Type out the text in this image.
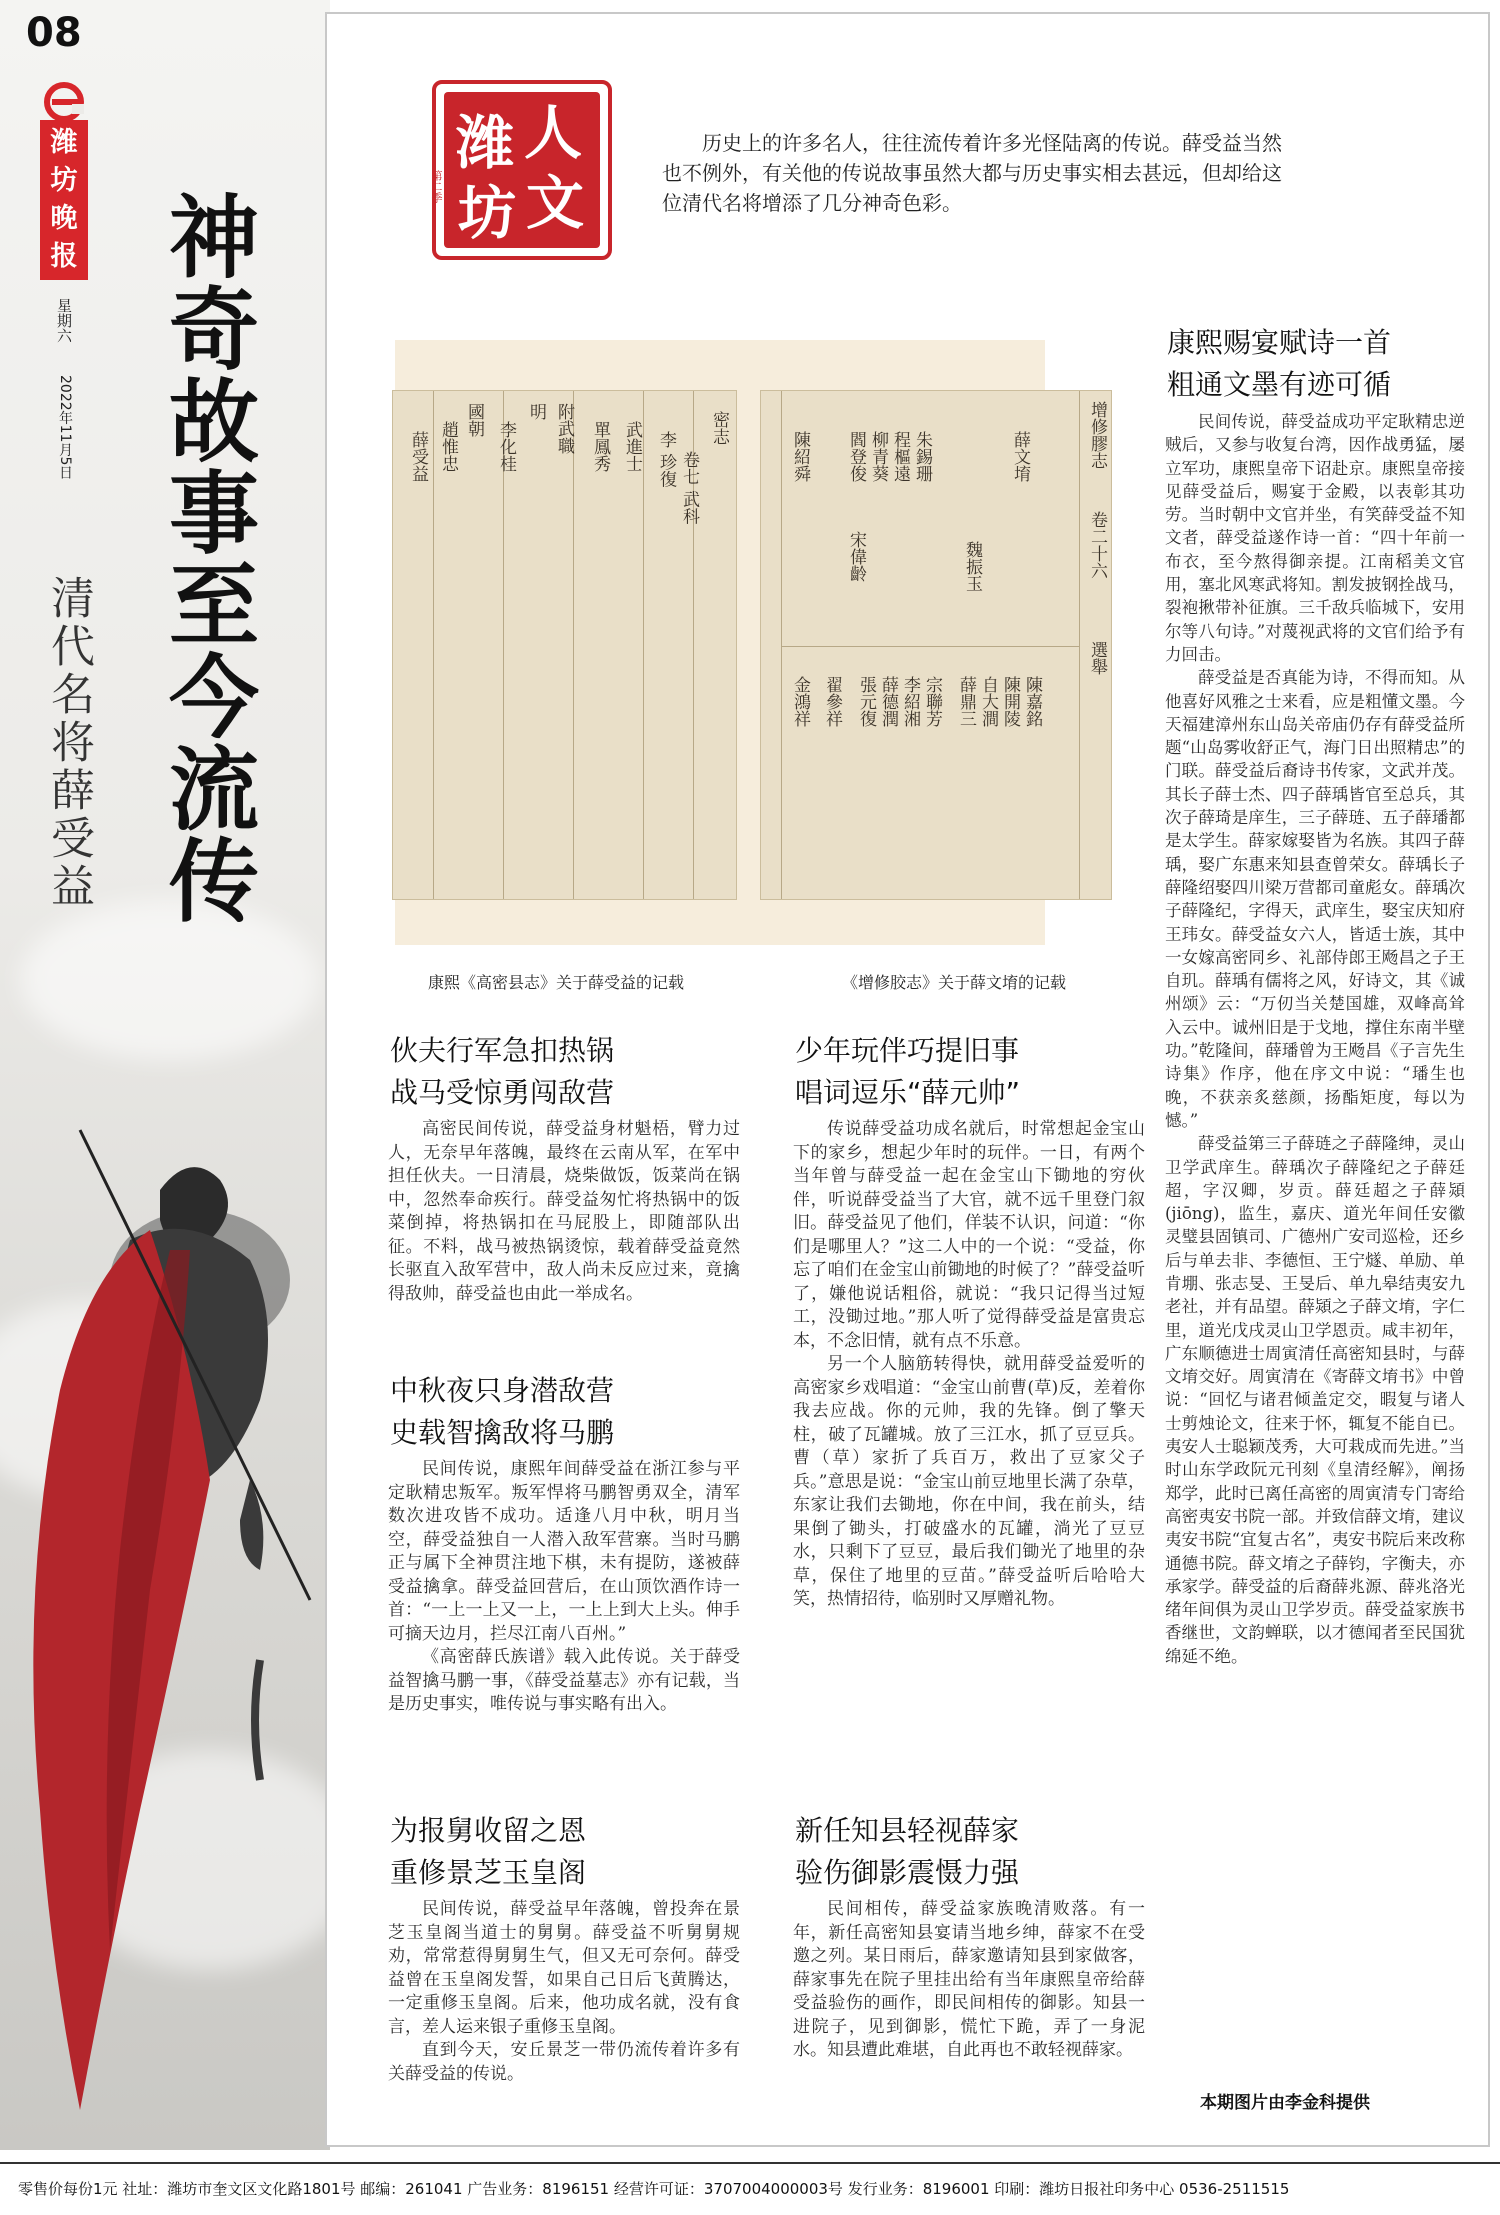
08
潍坊晚报
星期六
2022年11月5日 神奇故事至今流传
清代名将薛受益
人
潍
文
坊
第二季
历史上的许多名人，往往流传着许多光怪陆离的传说。薛受益当然也不例外，有关他的传说故事虽然大都与历史事实相去甚远，但却给这位清代名将增添了几分神奇色彩。
密志
卷七 武科
李 珍復
武進士
單鳳秀
附武職
明
李化桂
國朝
趙惟忠
薛受益	增修膠志
卷二十六
選舉
薛文堉
魏振玉
朱錫珊
程樞遠
柳青葵
閻登俊
宋偉齡
陳紹舜
陳嘉銘
陳開陵
自大澗
薛鼎三
宗聯芳
李紹湘
薛德潤
張元復
翟參祥
金鴻祥
康熙《高密县志》关于薛受益的记载	《增修胶志》关于薛文堉的记载
伙夫行军急扣热锅
战马受惊勇闯敌营

高密民间传说，薛受益身材魁梧，臂力过人，无奈早年落魄，最终在云南从军，在军中担任伙夫。一日清晨，烧柴做饭，饭菜尚在锅中，忽然奉命疾行。薛受益匆忙将热锅中的饭菜倒掉，将热锅扣在马屁股上，即随部队出征。不料，战马被热锅烫惊，载着薛受益竟然长驱直入敌军营中，敌人尚未反应过来，竟擒得敌帅，薛受益也由此一举成名。

中秋夜只身潜敌营
史载智擒敌将马鹏

民间传说，康熙年间薛受益在浙江参与平定耿精忠叛军。叛军悍将马鹏智勇双全，清军数次进攻皆不成功。适逢八月中秋，明月当空，薛受益独自一人潜入敌军营寨。当时马鹏正与属下全神贯注地下棋，未有提防，遂被薛受益擒拿。薛受益回营后，在山顶饮酒作诗一首：“一上一上又一上，一上上到大上头。伸手可摘天边月，拦尽江南八百州。”

《高密薛氏族谱》载入此传说。关于薛受益智擒马鹏一事，《薛受益墓志》亦有记载，当是历史事实，唯传说与事实略有出入。

为报舅收留之恩
重修景芝玉皇阁

民间传说，薛受益早年落魄，曾投奔在景芝玉皇阁当道士的舅舅。薛受益不听舅舅规劝，常常惹得舅舅生气，但又无可奈何。薛受益曾在玉皇阁发誓，如果自己日后飞黄腾达，一定重修玉皇阁。后来，他功成名就，没有食言，差人运来银子重修玉皇阁。

直到今天，安丘景芝一带仍流传着许多有关薛受益的传说。

少年玩伴巧提旧事
唱词逗乐“薛元帅”

传说薛受益功成名就后，时常想起金宝山下的家乡，想起少年时的玩伴。一日，有两个当年曾与薛受益一起在金宝山下锄地的穷伙伴，听说薛受益当了大官，就不远千里登门叙旧。薛受益见了他们，佯装不认识，问道：“你们是哪里人？”这二人中的一个说：“受益，你忘了咱们在金宝山前锄地的时候了？”薛受益听了，嫌他说话粗俗，就说：“我只记得当过短工，没锄过地。”那人听了觉得薛受益是富贵忘本，不念旧情，就有点不乐意。

另一个人脑筋转得快，就用薛受益爱听的高密家乡戏唱道：“金宝山前曹(草)反，差着你我去应战。你的元帅，我的先锋。倒了擎天柱，破了瓦罐城。放了三江水，抓了豆豆兵。曹（草）家折了兵百万，救出了豆家父子兵。”意思是说：“金宝山前豆地里长满了杂草，东家让我们去锄地，你在中间，我在前头，结果倒了锄头，打破盛水的瓦罐，淌光了豆豆水，只剩下了豆豆，最后我们锄光了地里的杂草，保住了地里的豆苗。”薛受益听后哈哈大笑，热情招待，临别时又厚赠礼物。

新任知县轻视薛家
验伤御影震慑力强

民间相传，薛受益家族晚清败落。有一年，新任高密知县宴请当地乡绅，薛家不在受邀之列。某日雨后，薛家邀请知县到家做客，薛家事先在院子里挂出给有当年康熙皇帝给薛受益验伤的画作，即民间相传的御影。知县一进院子，见到御影，慌忙下跪，弄了一身泥水。知县遭此难堪，自此再也不敢轻视薛家。

康熙赐宴赋诗一首
粗通文墨有迹可循

民间传说，薛受益成功平定耿精忠逆贼后，又参与收复台湾，因作战勇猛，屡立军功，康熙皇帝下诏赴京。康熙皇帝接见薛受益后，赐宴于金殿，以表彰其功劳。当时朝中文官并坐，有笑薛受益不知文者，薛受益遂作诗一首：“四十年前一布衣，至今熬得御亲提。江南稻美文官用，塞北风寒武将知。割发披钢拴战马，裂袍揪带补征旗。三千敌兵临城下，安用尔等八句诗。”对蔑视武将的文官们给予有力回击。

薛受益是否真能为诗，不得而知。从他喜好风雅之士来看，应是粗懂文墨。今天福建漳州东山岛关帝庙仍存有薛受益所题“山岛雾收舒正气，海门日出照精忠”的门联。薛受益后裔诗书传家，文武并茂。其长子薛士杰、四子薛瑀皆官至总兵，其次子薛琦是庠生，三子薛琏、五子薛璠都是太学生。薛家嫁娶皆为名族。其四子薛瑀，娶广东惠来知县查曾荣女。薛瑀长子薛隆绍娶四川梁万营都司童彪女。薛瑀次子薛隆纪，字得天，武庠生，娶宝庆知府王玮女。薛受益女六人，皆适士族，其中一女嫁高密同乡、礼部侍郎王飏昌之子王自玑。薛瑀有儒将之风，好诗文，其《诚州颂》云：“万仞当关楚国雄，双峰高耸入云中。诚州旧是于戈地，撑住东南半壁功。”乾隆间，薛璠曾为王飏昌《子言先生诗集》作序，他在序文中说：“璠生也晚，不获亲炙慈颜，扬酯矩度，每以为憾。”

薛受益第三子薛琏之子薛隆绅，灵山卫学武庠生。薛瑀次子薛隆纪之子薛廷超，字汉卿，岁贡。薛廷超之子薛熲(jiōng)，监生，嘉庆、道光年间任安徽灵璧县固镇司、广德州广安司巡检，还乡后与单去非、李德恒、王宁燧、单励、单肯堋、张志旻、王旻后、单九皋结夷安九老社，并有品望。薛熲之子薛文堉，字仁里，道光戊戌灵山卫学恩贡。咸丰初年，广东顺德进士周寅清任高密知县时，与薛文堉交好。周寅清在《寄薛文堉书》中曾说：“回忆与诸君倾盖定交，暇复与诸人士剪烛论文，往来于怀，辄复不能自已。夷安人士聪颖茂秀，大可栽成而先进。”当时山东学政阮元刊刻《皇清经解》，阐扬郑学，此时已离任高密的周寅清专门寄给高密夷安书院一部。并致信薛文堉，建议夷安书院“宜复古名”，夷安书院后来改称通德书院。薛文堉之子薛钧，字衡夫，亦承家学。薛受益的后裔薛兆源、薛兆洛光绪年间俱为灵山卫学岁贡。薛受益家族书香继世，文韵蝉联，以才德闻者至民国犹绵延不绝。

本期图片由李金科提供
零售价每份1元 社址：潍坊市奎文区文化路1801号 邮编：261041 广告业务：8196151 经营许可证：3707004000003号 发行业务：8196001 印刷：潍坊日报社印务中心 0536-2511515
